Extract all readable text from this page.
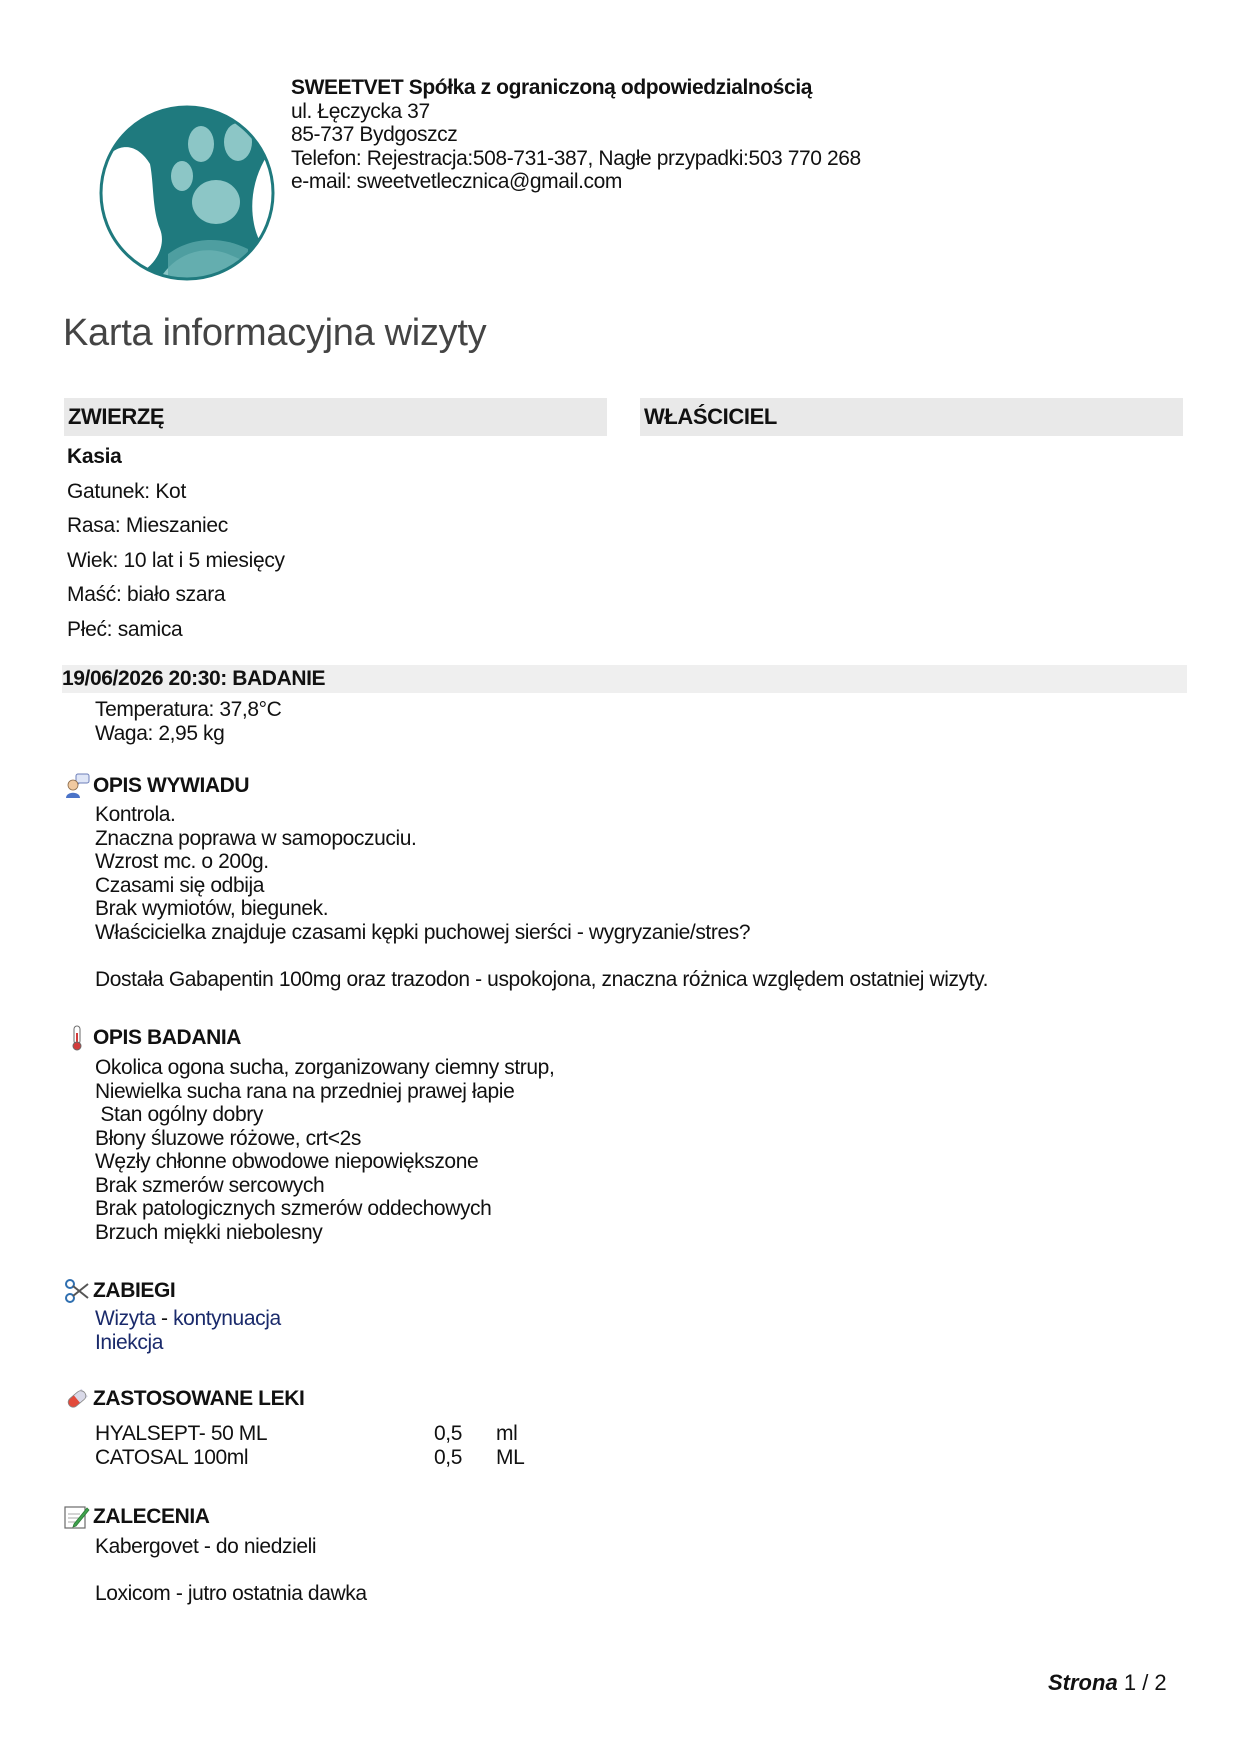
SWEETVET Spółka z ograniczoną odpowiedzialnością
ul. Łęczycka 37
85-737 Bydgoszcz
Telefon: Rejestracja:508-731-387, Nagłe przypadki:503 770 268
e-mail: sweetvetlecznica@gmail.com
Karta informacyjna wizyty
ZWIERZĘ	WŁAŚCICIEL
Kasia
Gatunek: Kot
Rasa: Mieszaniec
Wiek: 10 lat i 5 miesięcy
Maść: biało szara
Płeć: samica
19/06/2026 20:30: BADANIE
Temperatura: 37,8°C
Waga: 2,95 kg
OPIS WYWIADU
Kontrola.
Znaczna poprawa w samopoczuciu.
Wzrost mc. o 200g.
Czasami się odbija
Brak wymiotów, biegunek.
Właścicielka znajduje czasami kępki puchowej sierści - wygryzanie/stres?
Dostała Gabapentin 100mg oraz trazodon - uspokojona, znaczna różnica względem ostatniej wizyty.
OPIS BADANIA
Okolica ogona sucha, zorganizowany ciemny strup,
Niewielka sucha rana na przedniej prawej łapie
Stan ogólny dobry
Błony śluzowe różowe, crt<2s
Węzły chłonne obwodowe niepowiększone
Brak szmerów sercowych
Brak patologicznych szmerów oddechowych
Brzuch miękki niebolesny
ZABIEGI
Wizyta - kontynuacja
Iniekcja
ZASTOSOWANE LEKI
HYALSEPT- 50 ML	0,5 ml
CATOSAL 100ml	0,5 ML
ZALECENIA
Kabergovet - do niedzieli
Loxicom - jutro ostatnia dawka
Strona 1 / 2
